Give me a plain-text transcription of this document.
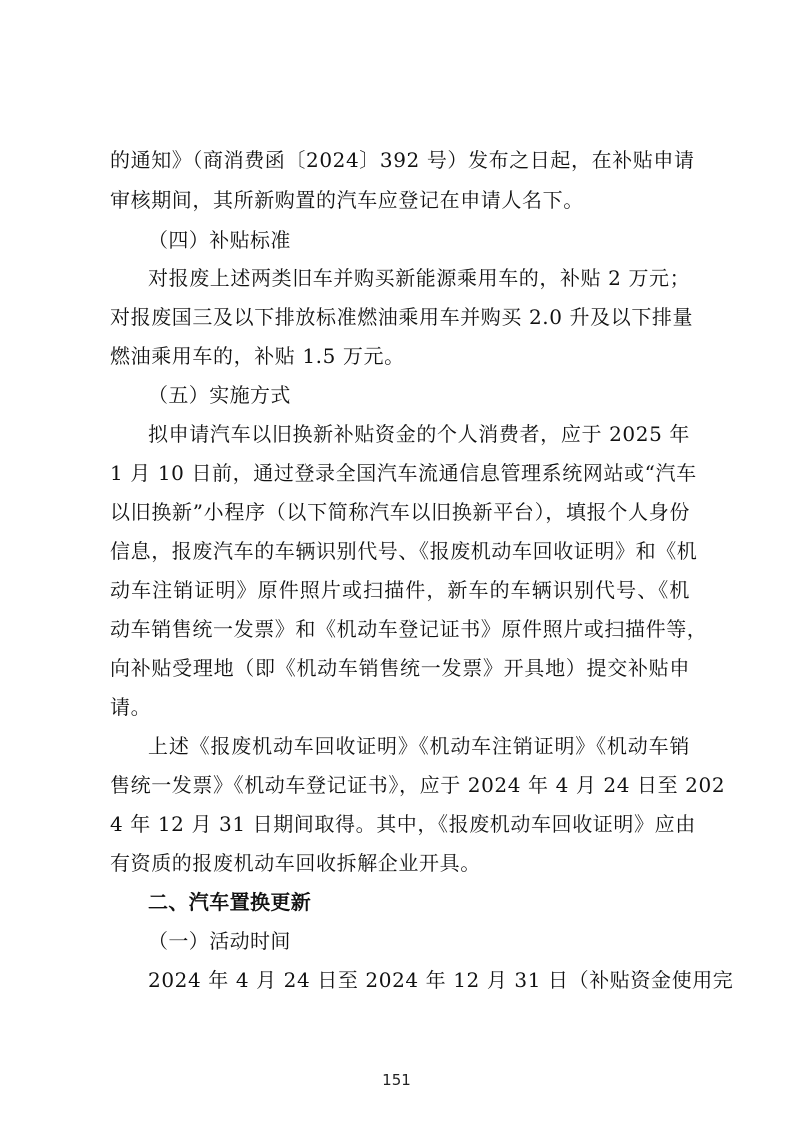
的通知》（商消费函〔2024〕392 号）发布之日起，在补贴申请
审核期间，其所新购置的汽车应登记在申请人名下。
（四）补贴标准
对报废上述两类旧车并购买新能源乘用车的，补贴 2 万元；
对报废国三及以下排放标准燃油乘用车并购买 2.0 升及以下排量
燃油乘用车的，补贴 1.5 万元。
（五）实施方式
拟申请汽车以旧换新补贴资金的个人消费者，应于 2025 年
1 月 10 日前，通过登录全国汽车流通信息管理系统网站或“汽车
以旧换新”小程序（以下简称汽车以旧换新平台），填报个人身份
信息，报废汽车的车辆识别代号、《报废机动车回收证明》和《机
动车注销证明》原件照片或扫描件，新车的车辆识别代号、《机
动车销售统一发票》和《机动车登记证书》原件照片或扫描件等，
向补贴受理地（即《机动车销售统一发票》开具地）提交补贴申
请。
上述《报废机动车回收证明》《机动车注销证明》《机动车销
售统一发票》《机动车登记证书》，应于 2024 年 4 月 24 日至 202
4 年 12 月 31 日期间取得。其中，《报废机动车回收证明》应由
有资质的报废机动车回收拆解企业开具。
二、汽车置换更新
（一）活动时间
2024 年 4 月 24 日至 2024 年 12 月 31 日（补贴资金使用完
151
